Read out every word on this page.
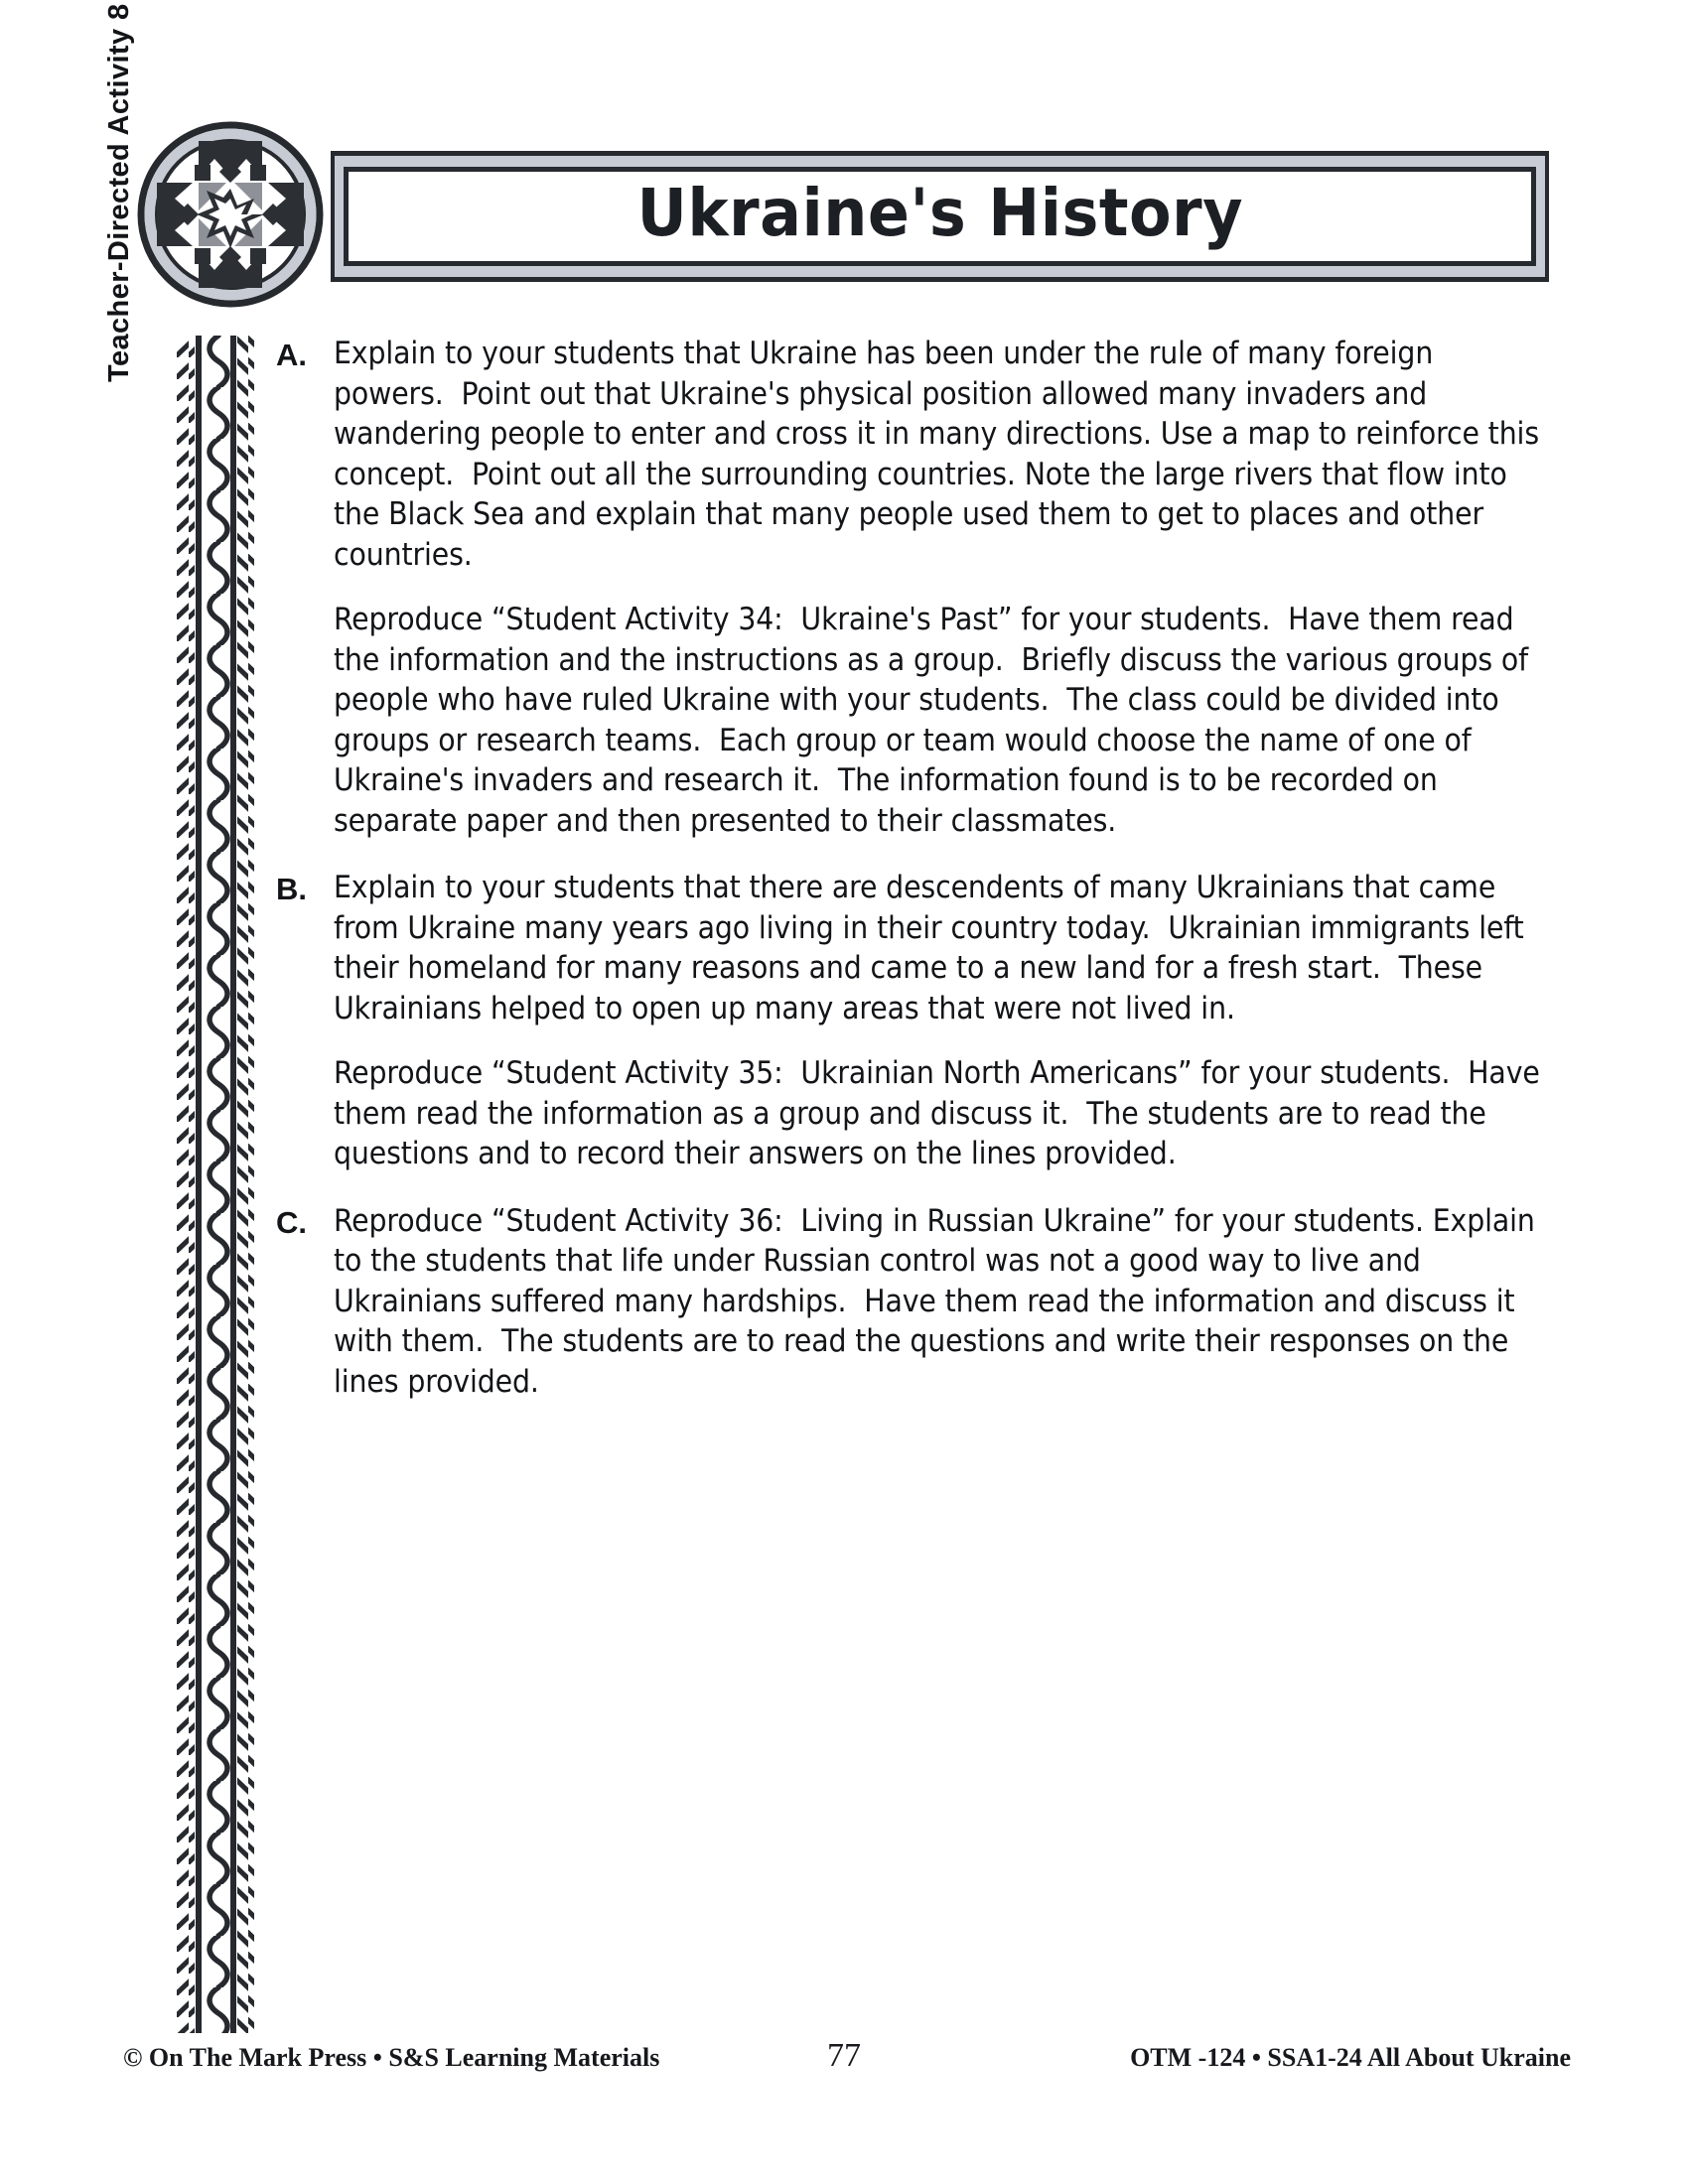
Ukraine's History
Teacher-Directed Activity 8	A. Explain to your students that Ukraine has been under the rule of many foreign powers.  Point out that Ukraine's physical position allowed many invaders and wandering people to enter and cross it in many directions. Use a map to reinforce this concept.  Point out all the surrounding countries. Note the large rivers that flow into the Black Sea and explain that many people used them to get to places and other countries.

Reproduce “Student Activity 34:  Ukraine's Past” for your students.  Have them read the information and the instructions as a group.  Briefly discuss the various groups of people who have ruled Ukraine with your students.  The class could be divided into groups or research teams.  Each group or team would choose the name of one of Ukraine's invaders and research it.  The information found is to be recorded on separate paper and then presented to their classmates.

B. Explain to your students that there are descendents of many Ukrainians that came from Ukraine many years ago living in their country today.  Ukrainian immigrants left their homeland for many reasons and came to a new land for a fresh start.  These Ukrainians helped to open up many areas that were not lived in.

Reproduce “Student Activity 35:  Ukrainian North Americans” for your students.  Have them read the information as a group and discuss it.  The students are to read the questions and to record their answers on the lines provided.

C. Reproduce “Student Activity 36:  Living in Russian Ukraine” for your students. Explain to the students that life under Russian control was not a good way to live and Ukrainians suffered many hardships.  Have them read the information and discuss it with them.  The students are to read the questions and write their responses on the lines provided.

© On The Mark Press • S&S Learning Materials	77	OTM -124 • SSA1-24 All About Ukraine
